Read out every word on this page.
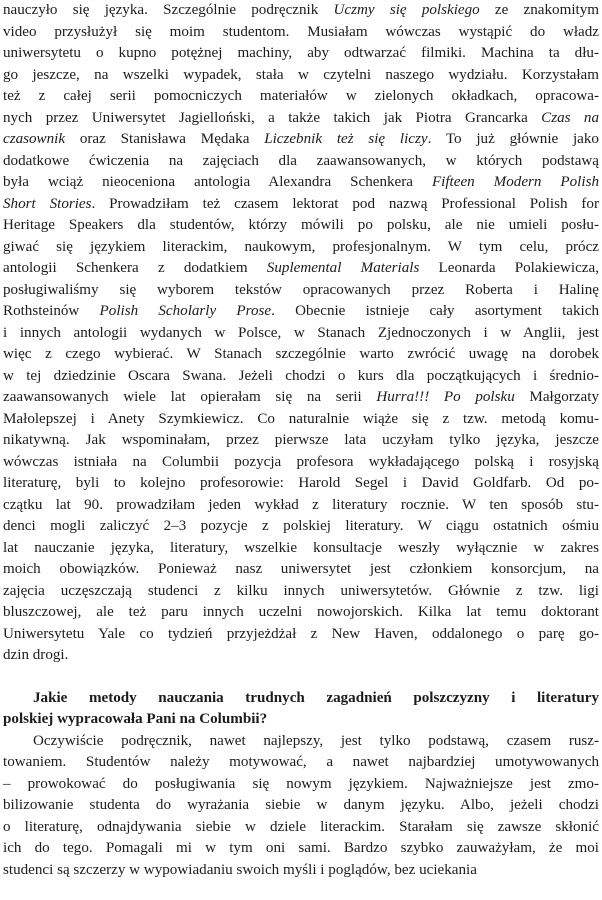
nauczyło się języka. Szczególnie podręcznik Uczmy się polskiego ze znakomitym
video przysłużył się moim studentom. Musiałam wówczas wystąpić do władz
uniwersytetu o kupno potężnej machiny, aby odtwarzać filmiki. Machina ta dłu-
go jeszcze, na wszelki wypadek, stała w czytelni naszego wydziału. Korzystałam
też z całej serii pomocniczych materiałów w zielonych okładkach, opracowa-
nych przez Uniwersytet Jagielloński, a także takich jak Piotra Grancarka Czas na
czasownik oraz Stanisława Mędaka Liczebnik też się liczy. To już głównie jako
dodatkowe ćwiczenia na zajęciach dla zaawansowanych, w których podstawą
była wciąż nieoceniona antologia Alexandra Schenkera Fifteen Modern Polish
Short Stories. Prowadziłam też czasem lektorat pod nazwą Professional Polish for
Heritage Speakers dla studentów, którzy mówili po polsku, ale nie umieli posłu-
giwać się językiem literackim, naukowym, profesjonalnym. W tym celu, prócz
antologii Schenkera z dodatkiem Suplemental Materials Leonarda Polakiewicza,
posługiwaliśmy się wyborem tekstów opracowanych przez Roberta i Halinę
Rothsteinów Polish Scholarly Prose. Obecnie istnieje cały asortyment takich
i innych antologii wydanych w Polsce, w Stanach Zjednoczonych i w Anglii, jest
więc z czego wybierać. W Stanach szczególnie warto zwrócić uwagę na dorobek
w tej dziedzinie Oscara Swana. Jeżeli chodzi o kurs dla początkujących i średnio-
zaawansowanych wiele lat opierałam się na serii Hurra!!! Po polsku Małgorzaty
Małolepszej i Anety Szymkiewicz. Co naturalnie wiąże się z tzw. metodą komu-
nikatywną. Jak wspominałam, przez pierwsze lata uczyłam tylko języka, jeszcze
wówczas istniała na Columbii pozycja profesora wykładającego polską i rosyjską
literaturę, byli to kolejno profesorowie: Harold Segel i David Goldfarb. Od po-
czątku lat 90. prowadziłam jeden wykład z literatury rocznie. W ten sposób stu-
denci mogli zaliczyć 2–3 pozycje z polskiej literatury. W ciągu ostatnich ośmiu
lat nauczanie języka, literatury, wszelkie konsultacje weszły wyłącznie w zakres
moich obowiązków. Ponieważ nasz uniwersytet jest członkiem konsorcjum, na
zajęcia uczęszczają studenci z kilku innych uniwersytetów. Głównie z tzw. ligi
bluszczowej, ale też paru innych uczelni nowojorskich. Kilka lat temu doktorant
Uniwersytetu Yale co tydzień przyjeżdżał z New Haven, oddalonego o parę go-
dzin drogi.
Jakie metody nauczania trudnych zagadnień polszczyzny i literatury
polskiej wypracowała Pani na Columbii?
Oczywiście podręcznik, nawet najlepszy, jest tylko podstawą, czasem rusz-
towaniem. Studentów należy motywować, a nawet najbardziej umotywowanych
– prowokować do posługiwania się nowym językiem. Najważniejsze jest zmo-
bilizowanie studenta do wyrażania siebie w danym języku. Albo, jeżeli chodzi
o literaturę, odnajdywania siebie w dziele literackim. Starałam się zawsze skłonić
ich do tego. Pomagali mi w tym oni sami. Bardzo szybko zauważyłam, że moi
studenci są szczerzy w wypowiadaniu swoich myśli i poglądów, bez uciekania
